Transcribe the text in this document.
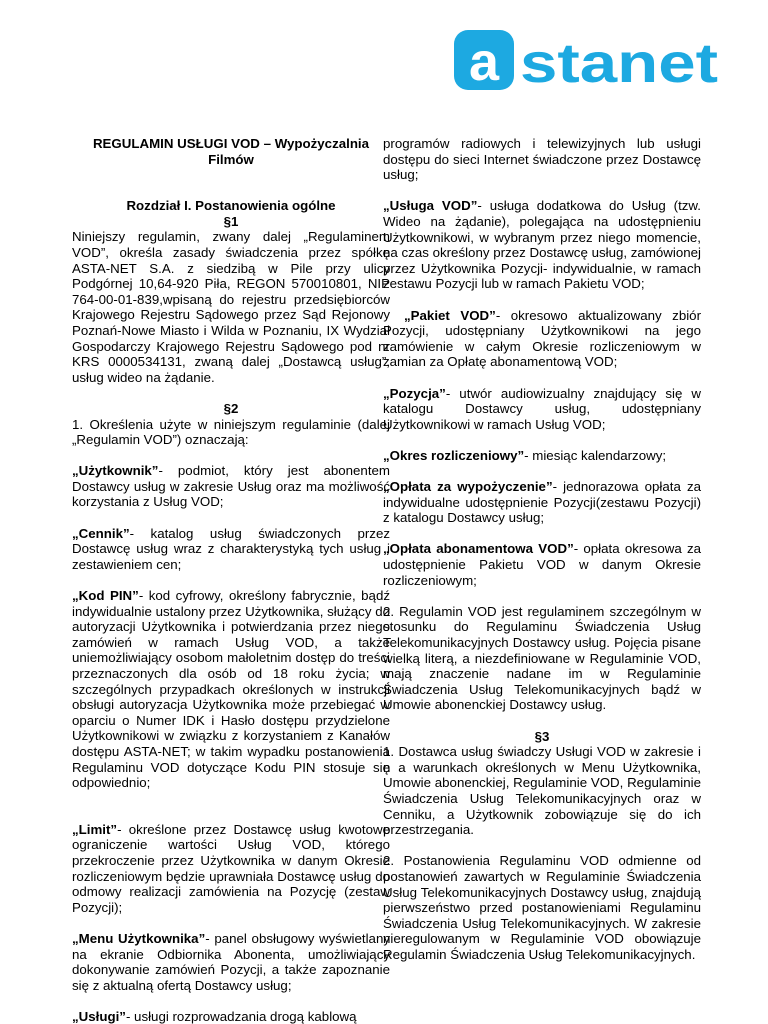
a stanet

REGULAMIN USŁUGI VOD – Wypożyczalnia Filmów

Rozdział I. Postanowienia ogólne

§1

Niniejszy regulamin, zwany dalej „Regulaminem VOD”, określa zasady świadczenia przez spółkę ASTA-NET S.A. z siedzibą w Pile przy ulicy Podgórnej 10,64-920 Piła, REGON 570010801, NIP 764-00-01-839,wpisaną do rejestru przedsiębiorców Krajowego Rejestru Sądowego przez Sąd Rejonowy Poznań-Nowe Miasto i Wilda w Poznaniu, IX Wydział Gospodarczy Krajowego Rejestru Sądowego pod nr KRS 0000534131, zwaną dalej „Dostawcą usług”, usług wideo na żądanie.

§2

1. Określenia użyte w niniejszym regulaminie (dalej „Regulamin VOD”) oznaczają:

„Użytkownik”- podmiot, który jest abonentem Dostawcy usług w zakresie Usług oraz ma możliwość korzystania z Usług VOD;

„Cennik”- katalog usług świadczonych przez Dostawcę usług wraz z charakterystyką tych usług i zestawieniem cen;

„Kod PIN”- kod cyfrowy, określony fabrycznie, bądź indywidualnie ustalony przez Użytkownika, służący do autoryzacji Użytkownika i potwierdzania przez niego zamówień w ramach Usług VOD, a także uniemożliwiający osobom małoletnim dostęp do treści przeznaczonych dla osób od 18 roku życia; w szczególnych przypadkach określonych w instrukcji obsługi autoryzacja Użytkownika może przebiegać w oparciu o Numer IDK i Hasło dostępu przydzielone Użytkownikowi w związku z korzystaniem z Kanałów dostępu ASTA-NET; w takim wypadku postanowienia Regulaminu VOD dotyczące Kodu PIN stosuje się odpowiednio;

„Limit”- określone przez Dostawcę usług kwotowe ograniczenie wartości Usług VOD, którego przekroczenie przez Użytkownika w danym Okresie rozliczeniowym będzie uprawniała Dostawcę usług do odmowy realizacji zamówienia na Pozycję (zestaw Pozycji);

„Menu Użytkownika”- panel obsługowy wyświetlany na ekranie Odbiornika Abonenta, umożliwiający dokonywanie zamówień Pozycji, a także zapoznanie się z aktualną ofertą Dostawcy usług;

„Usługi”- usługi rozprowadzania drogą kablową

programów radiowych i telewizyjnych lub usługi dostępu do sieci Internet świadczone przez Dostawcę usług;

„Usługa VOD”- usługa dodatkowa do Usług (tzw. Wideo na żądanie), polegająca na udostępnieniu Użytkownikowi, w wybranym przez niego momencie, na czas określony przez Dostawcę usług, zamówionej przez Użytkownika Pozycji- indywidualnie, w ramach zestawu Pozycji lub w ramach Pakietu VOD;

„Pakiet VOD”- okresowo aktualizowany zbiór Pozycji, udostępniany Użytkownikowi na jego zamówienie w całym Okresie rozliczeniowym w zamian za Opłatę abonamentową VOD;

„Pozycja”- utwór audiowizualny znajdujący się w katalogu Dostawcy usług, udostępniany Użytkownikowi w ramach Usług VOD;

„Okres rozliczeniowy”- miesiąc kalendarzowy;

„Opłata za wypożyczenie”- jednorazowa opłata za indywidualne udostępnienie Pozycji(zestawu Pozycji) z katalogu Dostawcy usług;

„Opłata abonamentowa VOD”- opłata okresowa za udostępnienie Pakietu VOD w danym Okresie rozliczeniowym;

2. Regulamin VOD jest regulaminem szczególnym w stosunku do Regulaminu Świadczenia Usług Telekomunikacyjnych Dostawcy usług. Pojęcia pisane wielką literą, a niezdefiniowane w Regulaminie VOD, mają znaczenie nadane im w Regulaminie Świadczenia Usług Telekomunikacyjnych bądź w Umowie abonenckiej Dostawcy usług.

§3

1. Dostawca usług świadczy Usługi VOD w zakresie i n a warunkach określonych w Menu Użytkownika, Umowie abonenckiej, Regulaminie VOD, Regulaminie Świadczenia Usług Telekomunikacyjnych oraz w Cenniku, a Użytkownik zobowiązuje się do ich przestrzegania.

2. Postanowienia Regulaminu VOD odmienne od postanowień zawartych w Regulaminie Świadczenia Usług Telekomunikacyjnych Dostawcy usług, znajdują pierwszeństwo przed postanowieniami Regulaminu Świadczenia Usług Telekomunikacyjnych. W zakresie nieregulowanym w Regulaminie VOD obowiązuje Regulamin Świadczenia Usług Telekomunikacyjnych.
